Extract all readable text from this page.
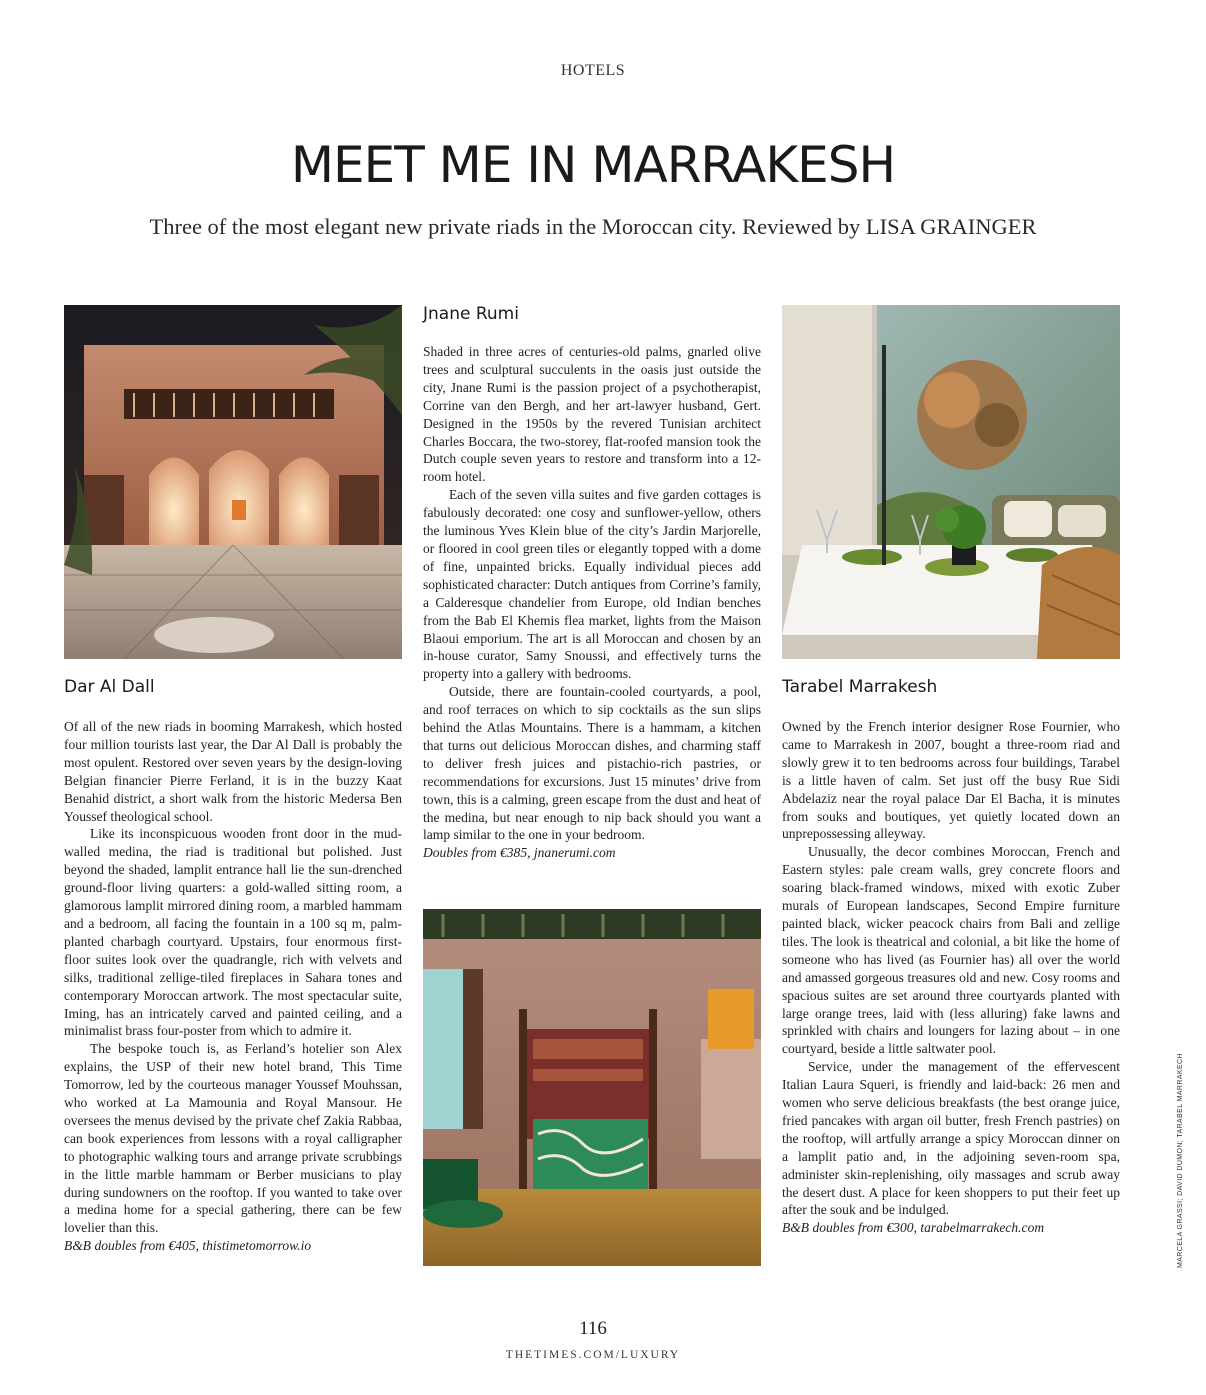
HOTELS
MEET ME IN MARRAKESH
Three of the most elegant new private riads in the Moroccan city. Reviewed by LISA GRAINGER
Dar Al Dall

Of all of the new riads in booming Marrakesh, which hosted four million tourists last year, the Dar Al Dall is probably the most opulent. Restored over seven years by the design-loving Belgian financier Pierre Ferland, it is in the buzzy Kaat Benahid district, a short walk from the historic Medersa Ben Youssef theological school.

Like its inconspicuous wooden front door in the mud-walled medina, the riad is traditional but polished. Just beyond the shaded, lamplit entrance hall lie the sun-drenched ground-floor living quarters: a gold-walled sitting room, a glamorous lamplit mirrored dining room, a marbled hammam and a bedroom, all facing the fountain in a 100 sq m, palm-planted charbagh courtyard. Upstairs, four enormous first-floor suites look over the quadrangle, rich with velvets and silks, traditional zellige-tiled fireplaces in Sahara tones and contemporary Moroccan artwork. The most spectacular suite, Iming, has an intricately carved and painted ceiling, and a minimalist brass four-poster from which to admire it.

The bespoke touch is, as Ferland’s hotelier son Alex explains, the USP of their new hotel brand, This Time Tomorrow, led by the courteous manager Youssef Mouhssan, who worked at La Mamounia and Royal Mansour. He oversees the menus devised by the private chef Zakia Rabbaa, can book experiences from lessons with a royal calligrapher to photographic walking tours and arrange private scrubbings in the little marble hammam or Berber musicians to play during sundowners on the rooftop. If you wanted to take over a medina home for a special gathering, there can be few lovelier than this.

B&B doubles from €405, thistimetomorrow.io

Jnane Rumi

Shaded in three acres of centuries-old palms, gnarled olive trees and sculptural succulents in the oasis just outside the city, Jnane Rumi is the passion project of a psychotherapist, Corrine van den Bergh, and her art-lawyer husband, Gert. Designed in the 1950s by the revered Tunisian architect Charles Boccara, the two-storey, flat-roofed mansion took the Dutch couple seven years to restore and transform into a 12-room hotel.

Each of the seven villa suites and five garden cottages is fabulously decorated: one cosy and sunflower-yellow, others the luminous Yves Klein blue of the city’s Jardin Marjorelle, or floored in cool green tiles or elegantly topped with a dome of fine, unpainted bricks. Equally individual pieces add sophisticated character: Dutch antiques from Corrine’s family, a Calderesque chandelier from Europe, old Indian benches from the Bab El Khemis flea market, lights from the Maison Blaoui emporium. The art is all Moroccan and chosen by an in-house curator, Samy Snoussi, and effectively turns the property into a gallery with bedrooms.

Outside, there are fountain-cooled courtyards, a pool, and roof terraces on which to sip cocktails as the sun slips behind the Atlas Mountains. There is a hammam, a kitchen that turns out delicious Moroccan dishes, and charming staff to deliver fresh juices and pistachio-rich pastries, or recommendations for excursions. Just 15 minutes’ drive from town, this is a calming, green escape from the dust and heat of the medina, but near enough to nip back should you want a lamp similar to the one in your bedroom.

Doubles from €385, jnanerumi.com

Tarabel Marrakesh

Owned by the French interior designer Rose Fournier, who came to Marrakesh in 2007, bought a three-room riad and slowly grew it to ten bedrooms across four buildings, Tarabel is a little haven of calm. Set just off the busy Rue Sidi Abdelaziz near the royal palace Dar El Bacha, it is minutes from souks and boutiques, yet quietly located down an unprepossessing alleyway.

Unusually, the decor combines Moroccan, French and Eastern styles: pale cream walls, grey concrete floors and soaring black-framed windows, mixed with exotic Zuber murals of European landscapes, Second Empire furniture painted black, wicker peacock chairs from Bali and zellige tiles. The look is theatrical and colonial, a bit like the home of someone who has lived (as Fournier has) all over the world and amassed gorgeous treasures old and new. Cosy rooms and spacious suites are set around three courtyards planted with large orange trees, laid with (less alluring) fake lawns and sprinkled with chairs and loungers for lazing about – in one courtyard, beside a little saltwater pool.

Service, under the management of the effervescent Italian Laura Squeri, is friendly and laid-back: 26 men and women who serve delicious breakfasts (the best orange juice, fried pancakes with argan oil butter, fresh French pastries) on the rooftop, will artfully arrange a spicy Moroccan dinner on a lamplit patio and, in the adjoining seven-room spa, administer skin-replenishing, oily massages and scrub away the desert dust. A place for keen shoppers to put their feet up after the souk and be indulged.

B&B doubles from €300, tarabelmarrakech.com	MARCELA GRASSI; DAVID DUMON; TARABEL MARRAKECH
116
THETIMES.COM/LUXURY
